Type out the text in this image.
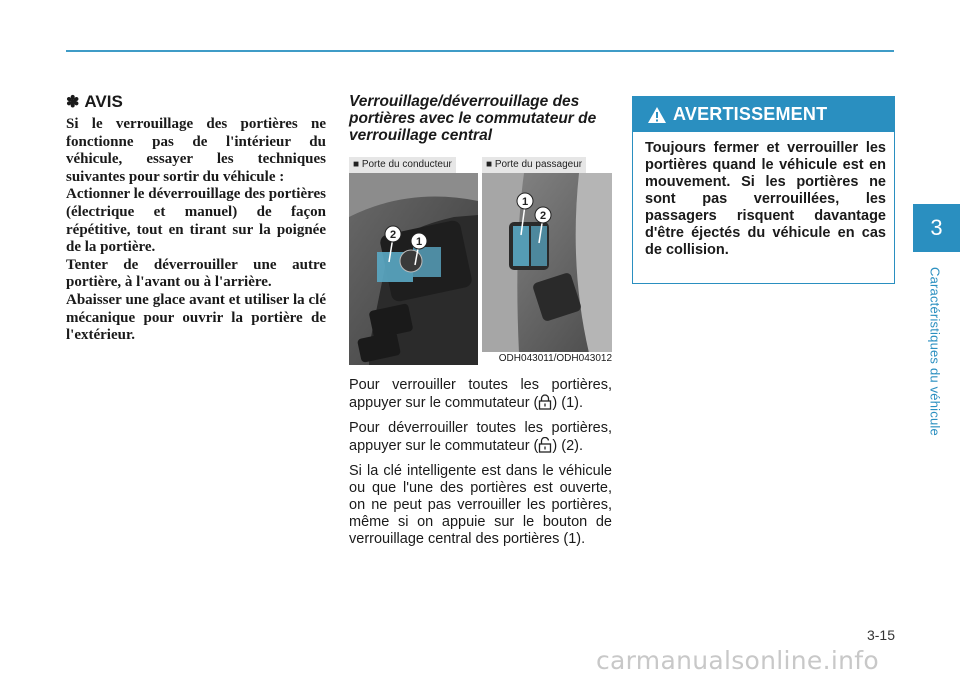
✽ AVIS

Si le verrouillage des portières ne fonctionne pas de l'intérieur du véhicule, essayer les techniques suivantes pour sortir du véhicule :

Actionner le déverrouillage des portières (électrique et manuel) de façon répétitive, tout en tirant sur la poignée de la portière.

Tenter de déverrouiller une autre portière, à l'avant ou à l'arrière.

Abaisser une glace avant et utiliser la clé mécanique pour ouvrir la portière de l'extérieur.

Verrouillage/déverrouillage des portières avec le commutateur de verrouillage central
2
1
1
2
■ Porte du conducteur	■ Porte du passageur
ODH043011/ODH043012

Pour verrouiller toutes les portières, appuyer sur le commutateur ( ) (1).

Pour déverrouiller toutes les portières, appuyer sur le commutateur ( ) (2).

Si la clé intelligente est dans le véhicule ou que l'une des portières est ouverte, on ne peut pas verrouiller les portières, même si on appuie sur le bouton de verrouillage central des portières (1).

AVERTISSEMENT
Toujours fermer et verrouiller les portières quand le véhicule est en mouvement. Si les portières ne sont pas verrouillées, les passagers risquent davantage d'être éjectés du véhicule en cas de collision.
3
Caractéristiques du véhicule
3-15
carmanualsonline.info
